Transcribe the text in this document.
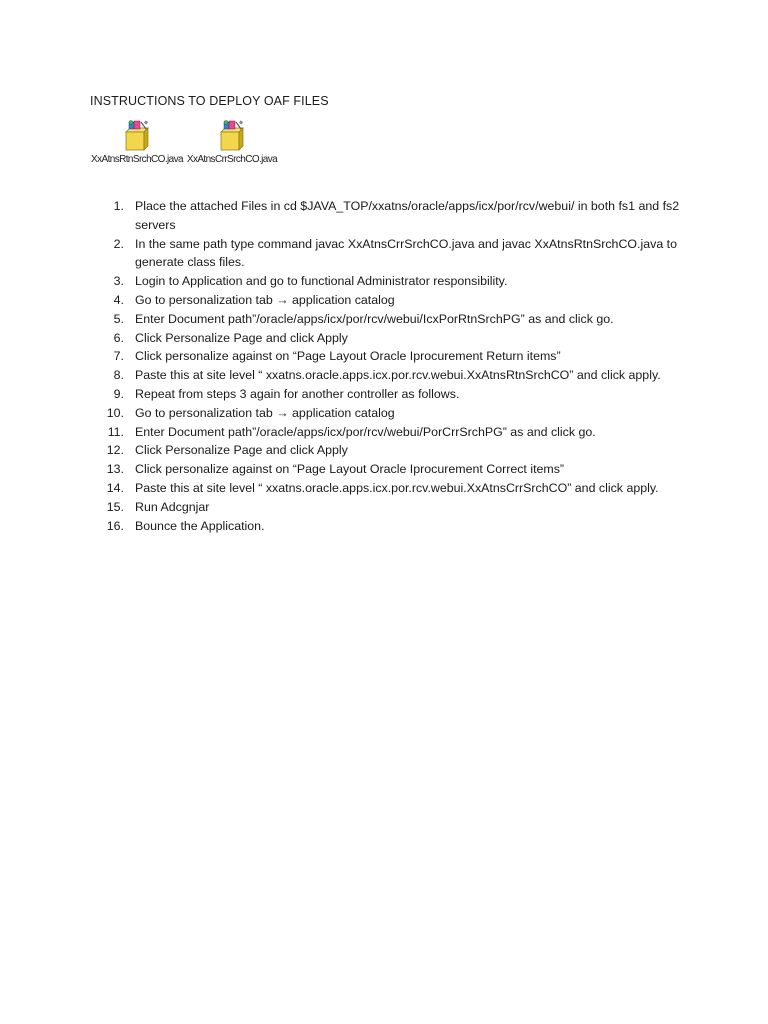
INSTRUCTIONS TO DEPLOY OAF FILES
XxAtnsRtnSrchCO.java XxAtnsCrrSrchCO.java
1. Place the attached Files in cd $JAVA_TOP/xxatns/oracle/apps/icx/por/rcv/webui/ in both fs1 and fs2 servers
2. In the same path type command javac XxAtnsCrrSrchCO.java and javac XxAtnsRtnSrchCO.java to generate class files.
3. Login to Application and go to functional Administrator responsibility.
4. Go to personalization tab → application catalog
5. Enter Document path”/oracle/apps/icx/por/rcv/webui/IcxPorRtnSrchPG” as and click go.
6. Click Personalize Page and click Apply
7. Click personalize against on “Page Layout Oracle Iprocurement Return items”
8. Paste this at site level “ xxatns.oracle.apps.icx.por.rcv.webui.XxAtnsRtnSrchCO” and click apply.
9. Repeat from steps 3 again for another controller as follows.
10. Go to personalization tab → application catalog
11. Enter Document path”/oracle/apps/icx/por/rcv/webui/PorCrrSrchPG” as and click go.
12. Click Personalize Page and click Apply
13. Click personalize against on “Page Layout Oracle Iprocurement Correct items”
14. Paste this at site level “ xxatns.oracle.apps.icx.por.rcv.webui.XxAtnsCrrSrchCO” and click apply.
15. Run Adcgnjar
16. Bounce the Application.
